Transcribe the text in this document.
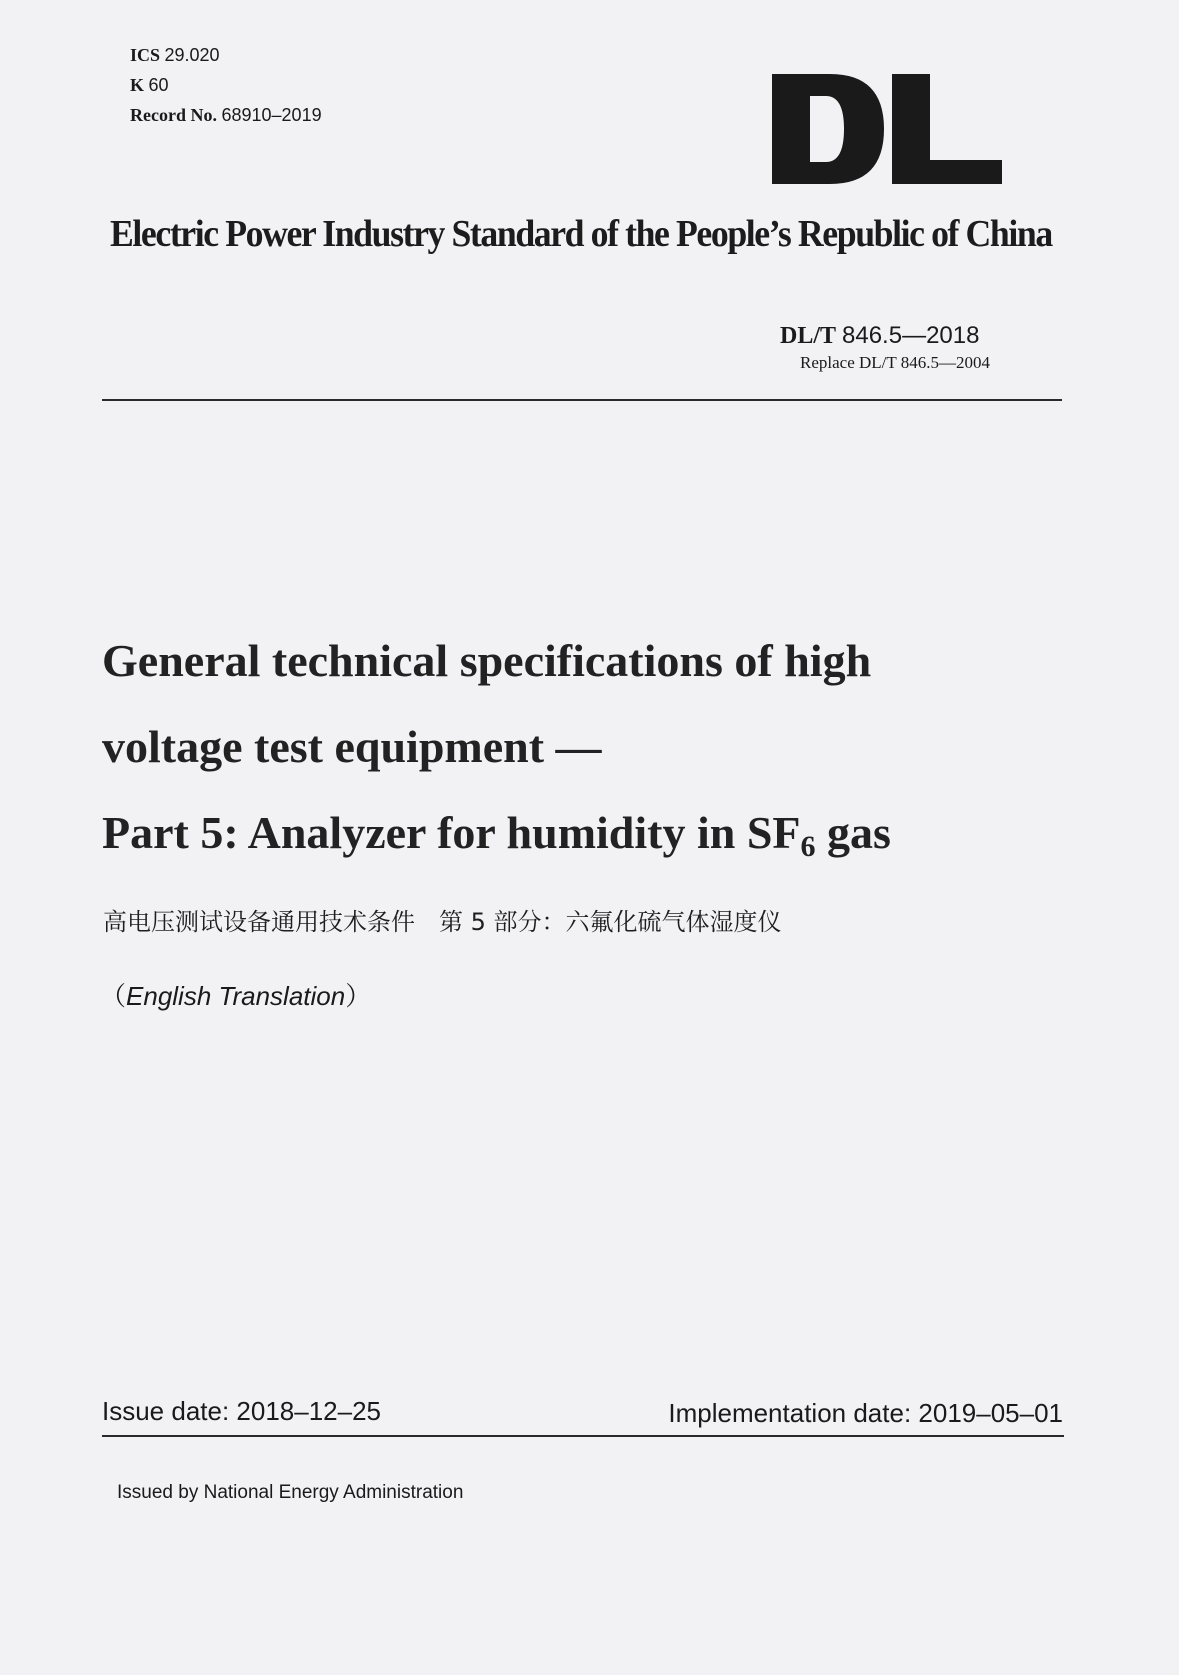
ICS 29.020
K 60
Record No. 68910–2019
Electric Power Industry Standard of the People’s Republic of China
DL/T 846.5—2018
Replace DL/T 846.5—2004
General technical specifications of high
voltage test equipment —
Part 5: Analyzer for humidity in $SF_6$ gas
高电压测试设备通用技术条件　第 5 部分：六氟化硫气体湿度仪
（English Translation）
Issue date: 2018–12–25	Implementation date: 2019–05–01
Issued by National Energy Administration
